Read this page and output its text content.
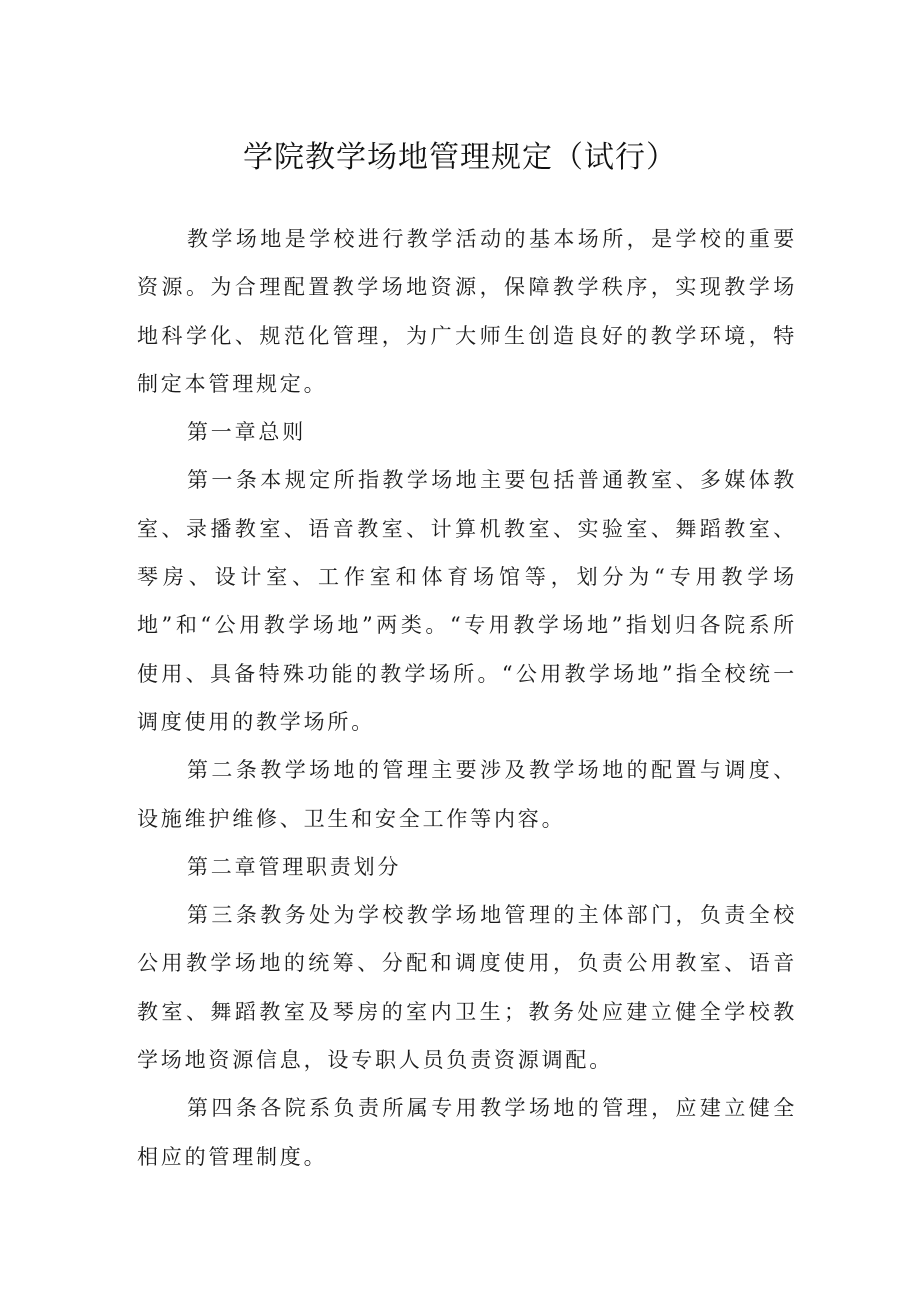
学院教学场地管理规定（试行）

教学场地是学校进行教学活动的基本场所，是学校的重要资源。为合理配置教学场地资源，保障教学秩序，实现教学场地科学化、规范化管理，为广大师生创造良好的教学环境，特制定本管理规定。

第一章总则

第一条本规定所指教学场地主要包括普通教室、多媒体教室、录播教室、语音教室、计算机教室、实验室、舞蹈教室、琴房、设计室、工作室和体育场馆等，划分为“专用教学场地”和“公用教学场地”两类。“专用教学场地”指划归各院系所使用、具备特殊功能的教学场所。“公用教学场地”指全校统一调度使用的教学场所。

第二条教学场地的管理主要涉及教学场地的配置与调度、设施维护维修、卫生和安全工作等内容。

第二章管理职责划分

第三条教务处为学校教学场地管理的主体部门，负责全校公用教学场地的统筹、分配和调度使用，负责公用教室、语音教室、舞蹈教室及琴房的室内卫生；教务处应建立健全学校教学场地资源信息，设专职人员负责资源调配。

第四条各院系负责所属专用教学场地的管理，应建立健全相应的管理制度。
